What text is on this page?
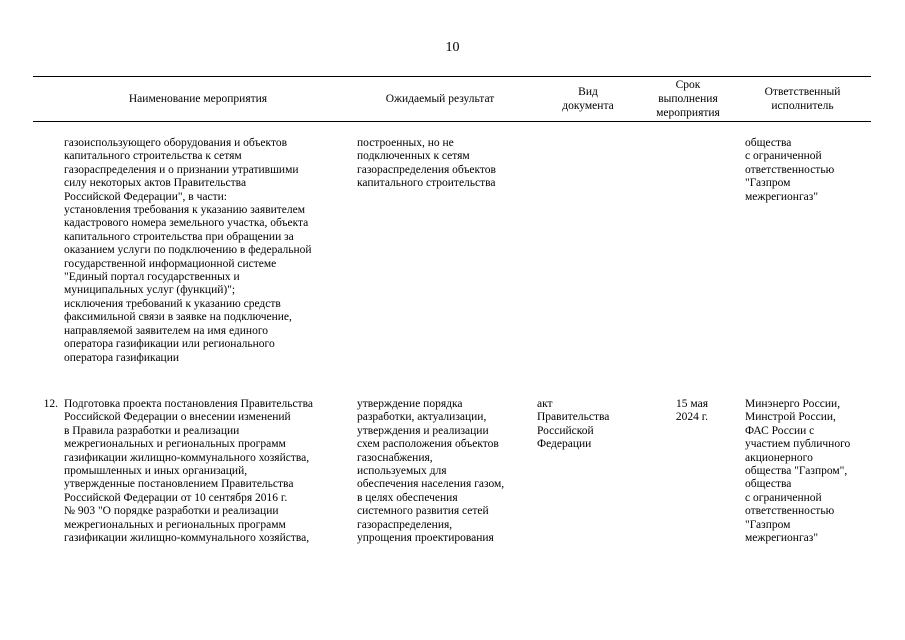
10
Наименование мероприятия	Ожидаемый результат
Вид
документа
Срок
выполнения
мероприятия
Ответственный
исполнитель
газоиспользующего оборудования и объектов
капитального строительства к сетям
газораспределения и о признании утратившими
силу некоторых актов Правительства
Российской Федерации", в части:
установления требования к указанию заявителем
кадастрового номера земельного участка, объекта
капитального строительства при обращении за
оказанием услуги по подключению в федеральной
государственной информационной системе
"Единый портал государственных и
муниципальных услуг (функций)";
исключения требований к указанию средств
факсимильной связи в заявке на подключение,
направляемой заявителем на имя единого
оператора газификации или регионального
оператора газификации
построенных, но не
подключенных к сетям
газораспределения объектов
капитального строительства
общества
с ограниченной
ответственностью
"Газпром
межрегионгаз"
12. Подготовка проекта постановления Правительства
Российской Федерации о внесении изменений
в Правила разработки и реализации
межрегиональных и региональных программ
газификации жилищно-коммунального хозяйства,
промышленных и иных организаций,
утвержденные постановлением Правительства
Российской Федерации от 10 сентября 2016 г.
№ 903 "О порядке разработки и реализации
межрегиональных и региональных программ
газификации жилищно-коммунального хозяйства,
утверждение порядка
разработки, актуализации,
утверждения и реализации
схем расположения объектов
газоснабжения,
используемых для
обеспечения населения газом,
в целях обеспечения
системного развития сетей
газораспределения,
упрощения проектирования
акт
Правительства
Российской
Федерации
15 мая
2024 г.
Минэнерго России,
Минстрой России,
ФАС России с
участием публичного
акционерного
общества "Газпром",
общества
с ограниченной
ответственностью
"Газпром
межрегионгаз"
